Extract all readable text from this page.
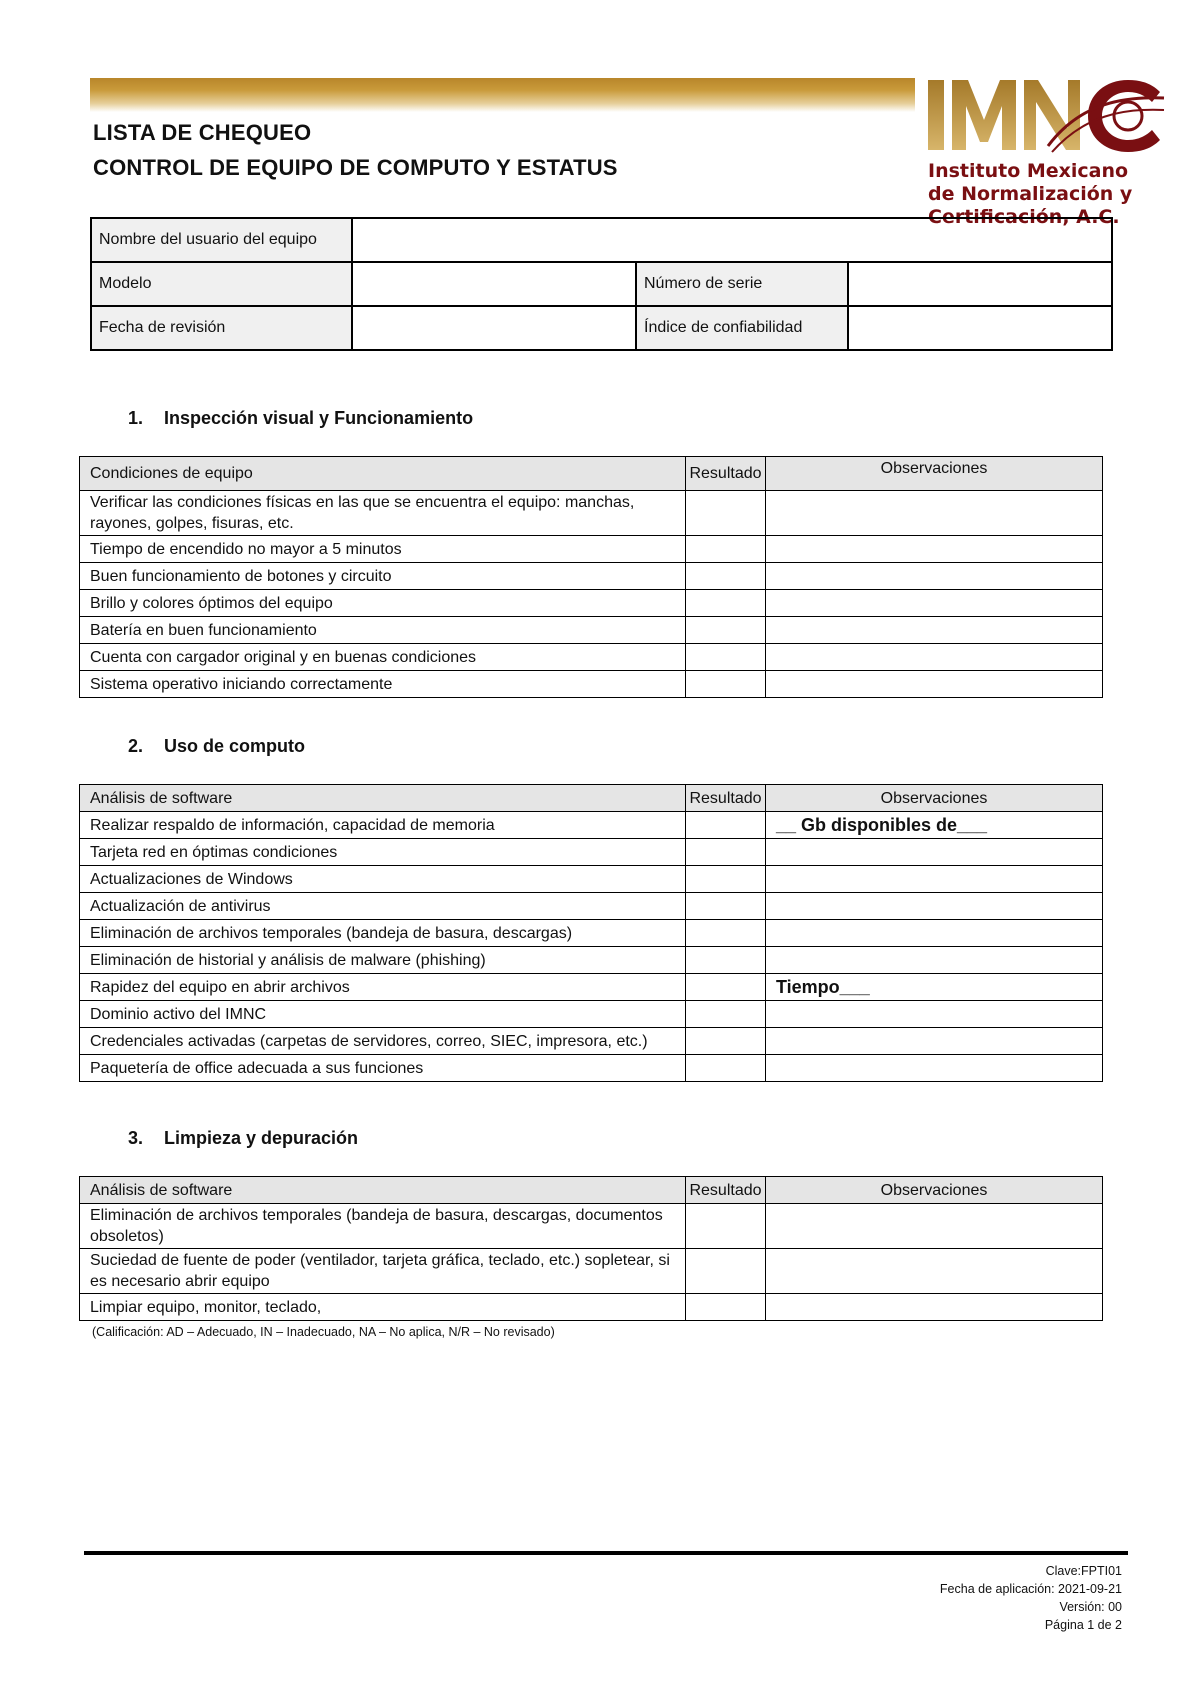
Instituto Mexicano
de Normalización y
Certificación, A.C.
LISTA DE CHEQUEO
CONTROL DE EQUIPO DE COMPUTO Y ESTATUS
Nombre del usuario del equipo			
Modelo		Número de serie	
Fecha de revisión		Índice de confiabilidad	
1. Inspección visual y Funcionamiento
Condiciones de equipo	Resultado	Observaciones
Verificar las condiciones físicas en las que se encuentra el equipo: manchas, rayones, golpes, fisuras, etc.		
Tiempo de encendido no mayor a 5 minutos		
Buen funcionamiento de botones y circuito		
Brillo y colores óptimos del equipo		
Batería en buen funcionamiento		
Cuenta con cargador original y en buenas condiciones		
Sistema operativo iniciando correctamente		
2. Uso de computo
Análisis de software	Resultado	Observaciones
Realizar respaldo de información, capacidad de memoria		__ Gb disponibles de___
Tarjeta red en óptimas condiciones		
Actualizaciones de Windows		
Actualización de antivirus		
Eliminación de archivos temporales (bandeja de basura, descargas)		
Eliminación de historial y análisis de malware (phishing)		
Rapidez del equipo en abrir archivos		Tiempo___
Dominio activo del IMNC		
Credenciales activadas (carpetas de servidores, correo, SIEC, impresora, etc.)		
Paquetería de office adecuada a sus funciones		
3. Limpieza y depuración
Análisis de software	Resultado	Observaciones
Eliminación de archivos temporales (bandeja de basura, descargas, documentos obsoletos)		
Suciedad de fuente de poder (ventilador, tarjeta gráfica, teclado, etc.) sopletear, si es necesario abrir equipo		
Limpiar equipo, monitor, teclado,		
(Calificación: AD – Adecuado, IN – Inadecuado, NA – No aplica, N/R – No revisado)
Clave:FPTI01
Fecha de aplicación: 2021-09-21
Versión: 00
Página 1 de 2
